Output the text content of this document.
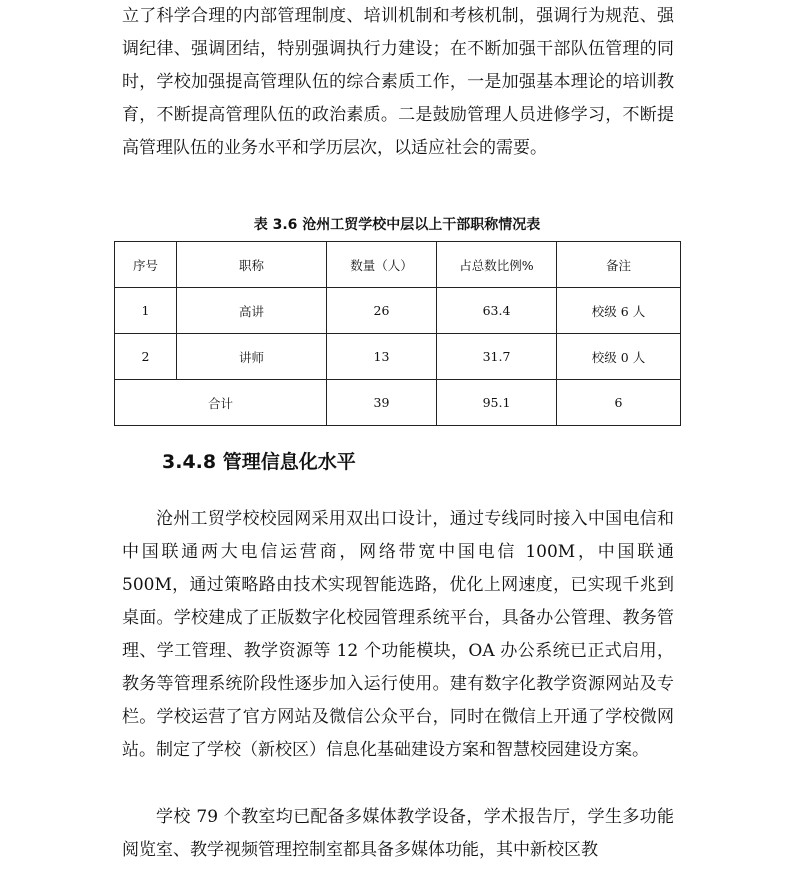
立了科学合理的内部管理制度、培训机制和考核机制，强调行为规范、强调纪律、强调团结，特别强调执行力建设；在不断加强干部队伍管理的同时，学校加强提高管理队伍的综合素质工作，一是加强基本理论的培训教育，不断提高管理队伍的政治素质。二是鼓励管理人员进修学习，不断提高管理队伍的业务水平和学历层次，以适应社会的需要。

表 3.6 沧州工贸学校中层以上干部职称情况表
序号	职称	数量（人）	占总数比例%	备注
1	高讲	26	63.4	校级 6 人
2	讲师	13	31.7	校级 0 人
合计		39	95.1	6
3.4.8 管理信息化水平

沧州工贸学校校园网采用双出口设计，通过专线同时接入中国电信和中国联通两大电信运营商，网络带宽中国电信 100M，中国联通 500M，通过策略路由技术实现智能选路，优化上网速度，已实现千兆到桌面。学校建成了正版数字化校园管理系统平台，具备办公管理、教务管理、学工管理、教学资源等 12 个功能模块，OA 办公系统已正式启用，教务等管理系统阶段性逐步加入运行使用。建有数字化教学资源网站及专栏。学校运营了官方网站及微信公众平台，同时在微信上开通了学校微网站。制定了学校（新校区）信息化基础建设方案和智慧校园建设方案。

学校 79 个教室均已配备多媒体教学设备，学术报告厅，学生多功能阅览室、教学视频管理控制室都具备多媒体功能，其中新校区教
